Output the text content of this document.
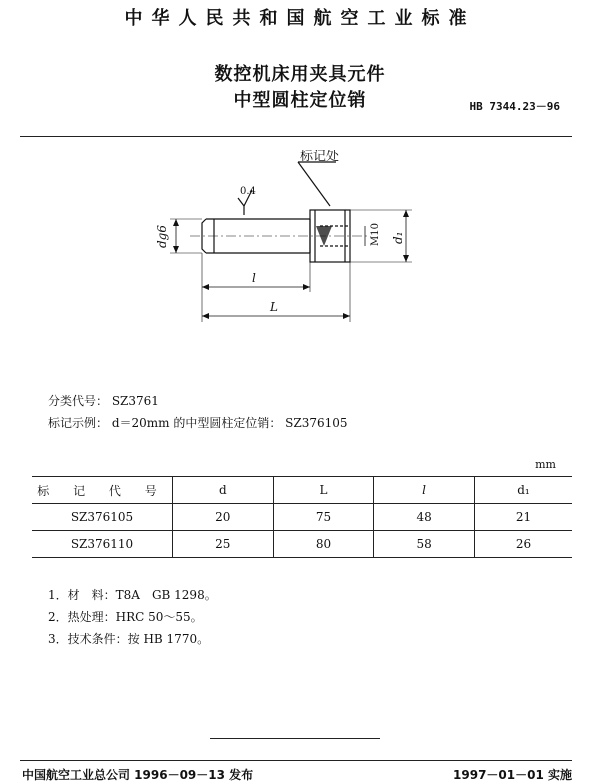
中华人民共和国航空工业标准
数控机床用夹具元件
中型圆柱定位销	HB 7344.23－96
标记处
0.4
dg6	M10 d₁
l
L
分类代号： SZ3761
标记示例： d＝20mm 的中型圆柱定位销： SZ376105
mm
标 记 代 号	d	L	l	d₁
SZ376105	20	75	48	21
SZ376110	25	80	58	26
1．材　料：T8A　GB 1298。
2．热处理：HRC 50～55。
3．技术条件：按 HB 1770。
中国航空工业总公司 1996－09－13 发布	1997－01－01 实施
